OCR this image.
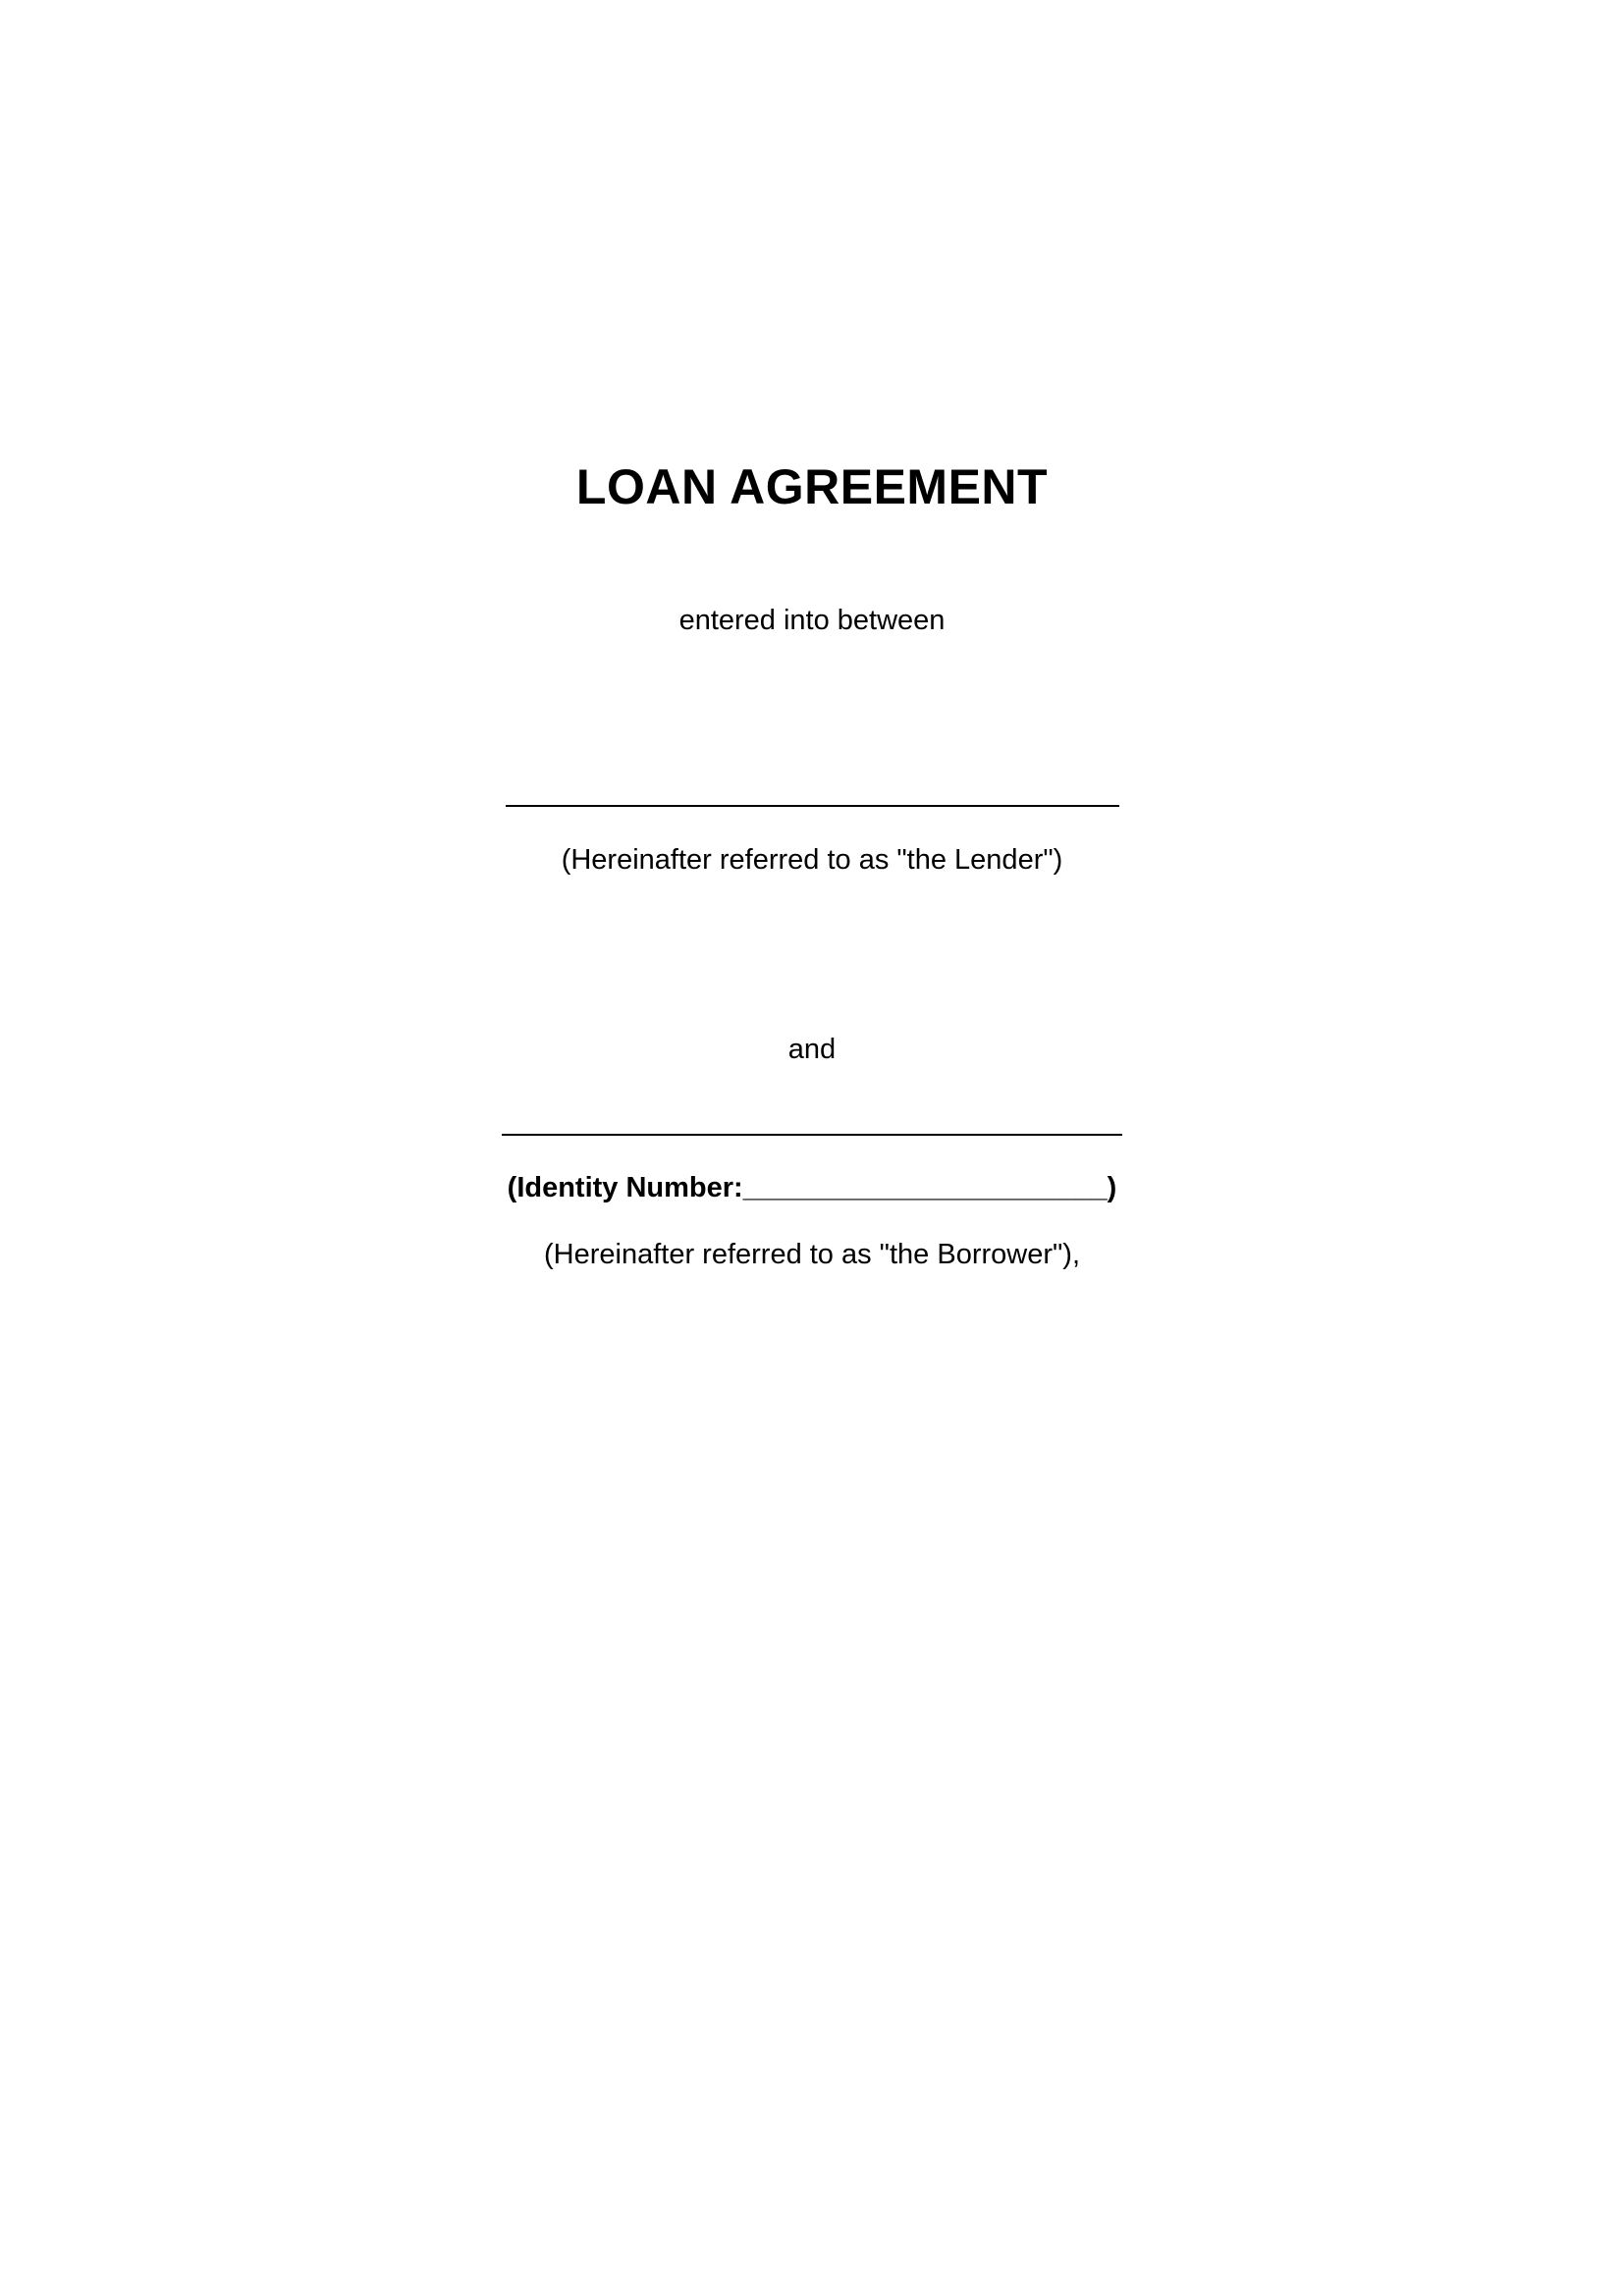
LOAN AGREEMENT

entered into between

(Hereinafter referred to as "the Lender")

and

(Identity Number:_______________________)

(Hereinafter referred to as "the Borrower"),
